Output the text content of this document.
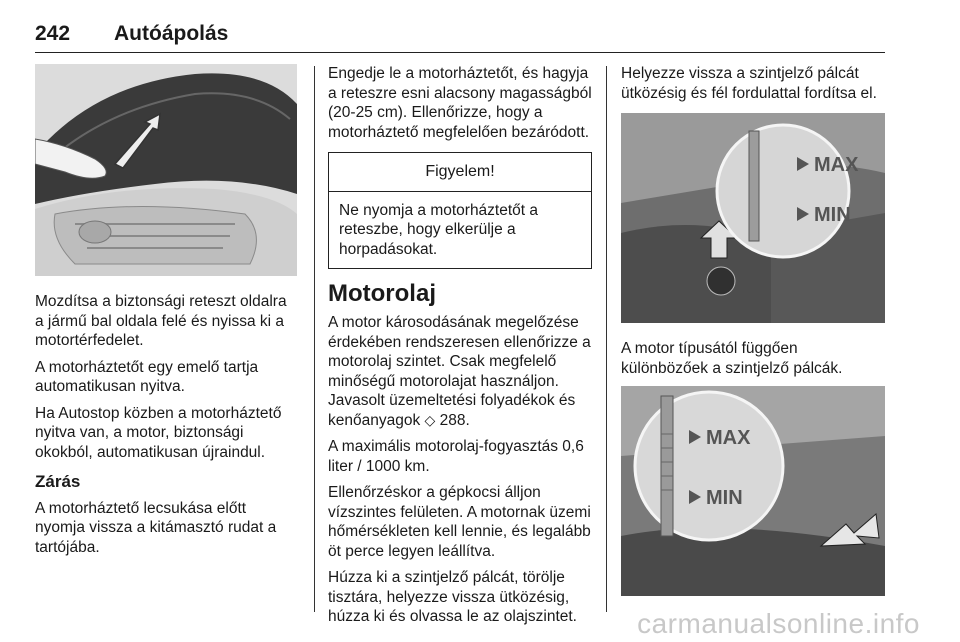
242 Autóápolás

Mozdítsa a biztonsági reteszt oldalra a jármű bal oldala felé és nyissa ki a motortérfedelet.

A motorháztetőt egy emelő tartja automatikusan nyitva.

Ha Autostop közben a motorháztető nyitva van, a motor, biztonsági okokból, automatikusan újraindul.

Zárás

A motorháztető lecsukása előtt nyomja vissza a kitámasztó rudat a tartójába.

Engedje le a motorháztetőt, és hagyja a reteszre esni alacsony magasságból (20-25 cm). Ellenőrizze, hogy a motorháztető megfelelően bezáródott.

Figyelem!
Ne nyomja a motorháztetőt a reteszbe, hogy elkerülje a horpadásokat.
Motorolaj

A motor károsodásának megelőzése érdekében rendszeresen ellenőrizze a motorolaj szintet. Csak megfelelő minőségű motorolajat használjon. Javasolt üzemeltetési folyadékok és kenőanyagok ◇ 288.

A maximális motorolaj-fogyasztás 0,6 liter / 1000 km.

Ellenőrzéskor a gépkocsi álljon vízszintes felületen. A motornak üzemi hőmérsékleten kell lennie, és legalább öt perce legyen leállítva.

Húzza ki a szintjelző pálcát, törölje tisztára, helyezze vissza ütközésig, húzza ki és olvassa le az olajszintet.

Helyezze vissza a szintjelző pálcát ütközésig és fél fordulattal fordítsa el.

MAX
MIN

A motor típusától függően különbözőek a szintjelző pálcák.

MAX
MIN
carmanualsonline.info
